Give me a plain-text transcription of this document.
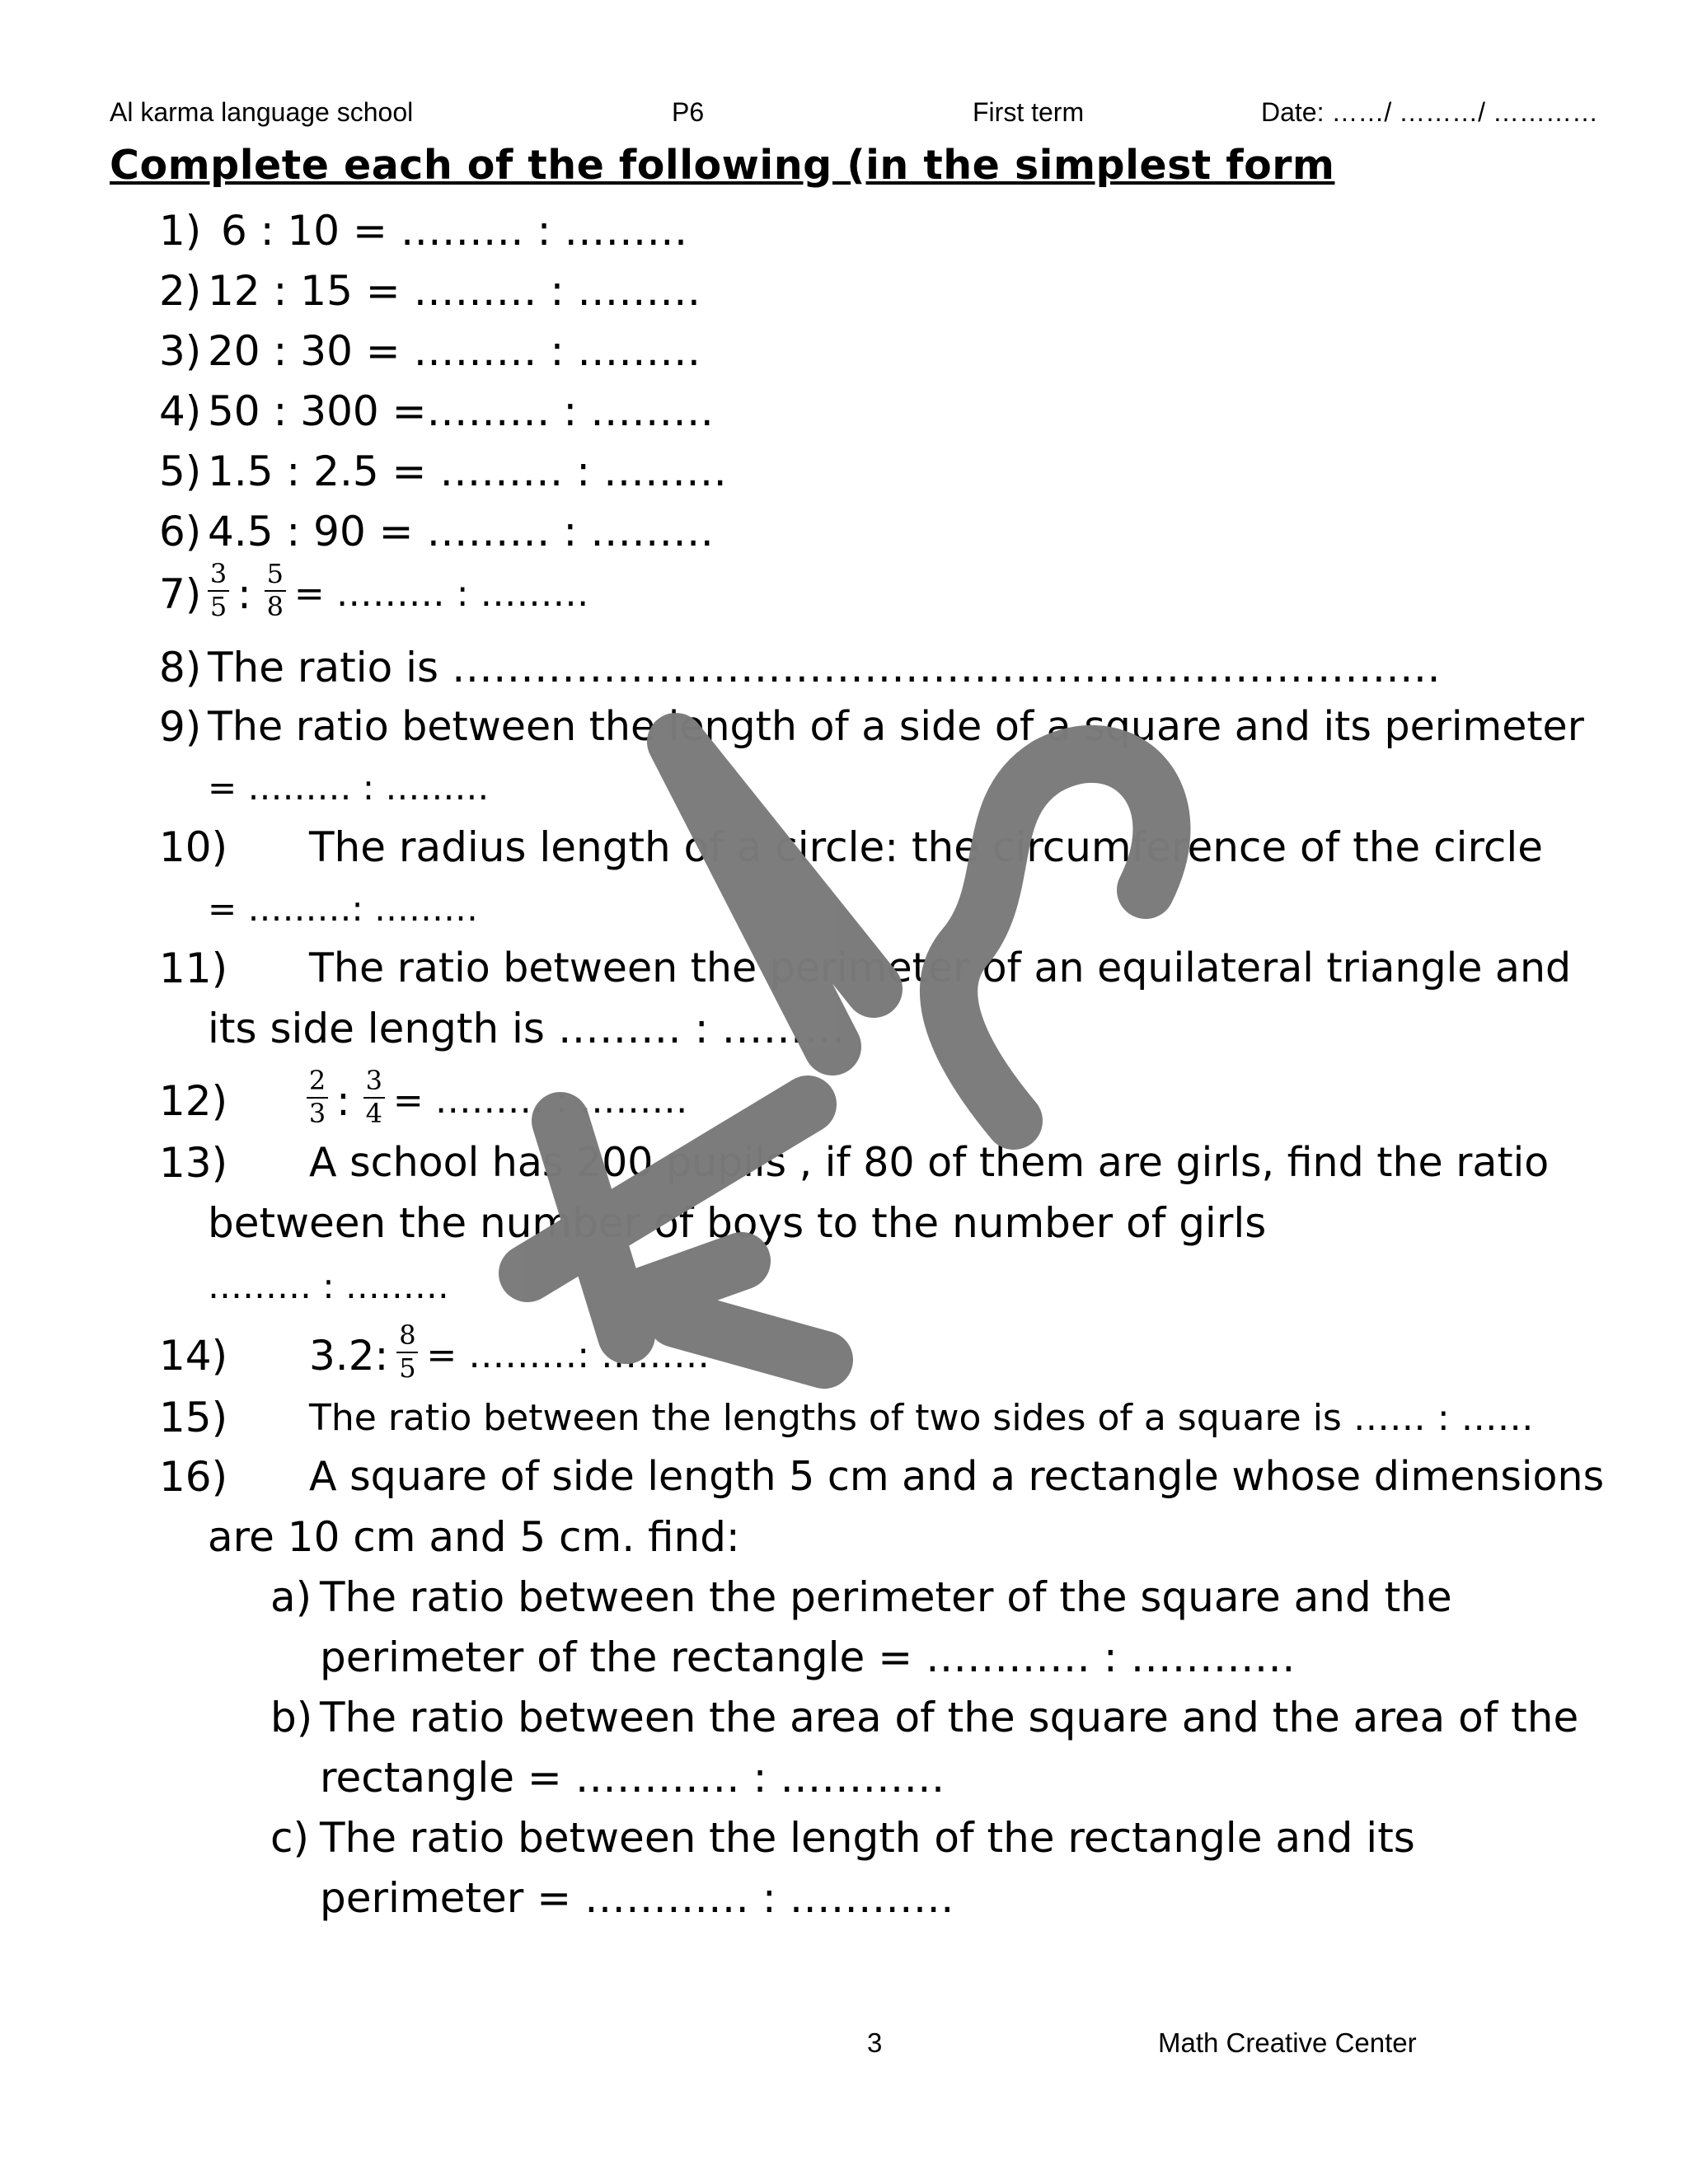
Al karma language school	P6	First term	Date: ……/ ………/ …………
Complete each of the following (in the simplest form
1) 6 : 10 = ……… : ………
2) 12 : 15 = ……… : ………
3) 20 : 30 = ……… : ………
4) 50 : 300 =……… : ………
5) 1.5 : 2.5 = ……… : ………
6) 4.5 : 90 = ……… : ………
$7) \frac{3}{5}$ : $\frac{5}{8}$ = ……… : ………
8) The ratio is ………………………………………………………………
9) The ratio between the length of a side of a square and its perimeter
= ……… : ………
10) The radius length of a circle: the circumference of the circle
= ………: ………
11) The ratio between the perimeter of an equilateral triangle and
its side length is ……… : ………
12)	$\frac{2}{3}$ : $\frac{3}{4}$ = ……… : ………
13) A school has 200 pupils , if 80 of them are girls, find the ratio
between the number of boys to the number of girls
……… : ………
14) 3.2: $\frac{8}{5}$ = ………: ………
15) The ratio between the lengths of two sides of a square is …… : ……
16) A square of side length 5 cm and a rectangle whose dimensions
are 10 cm and 5 cm. find:
a) The ratio between the perimeter of the square and the
perimeter of the rectangle = ………… : …………
b) The ratio between the area of the square and the area of the
rectangle = ………… : …………
c) The ratio between the length of the rectangle and its
perimeter = ………… : …………
3	Math Creative Center
